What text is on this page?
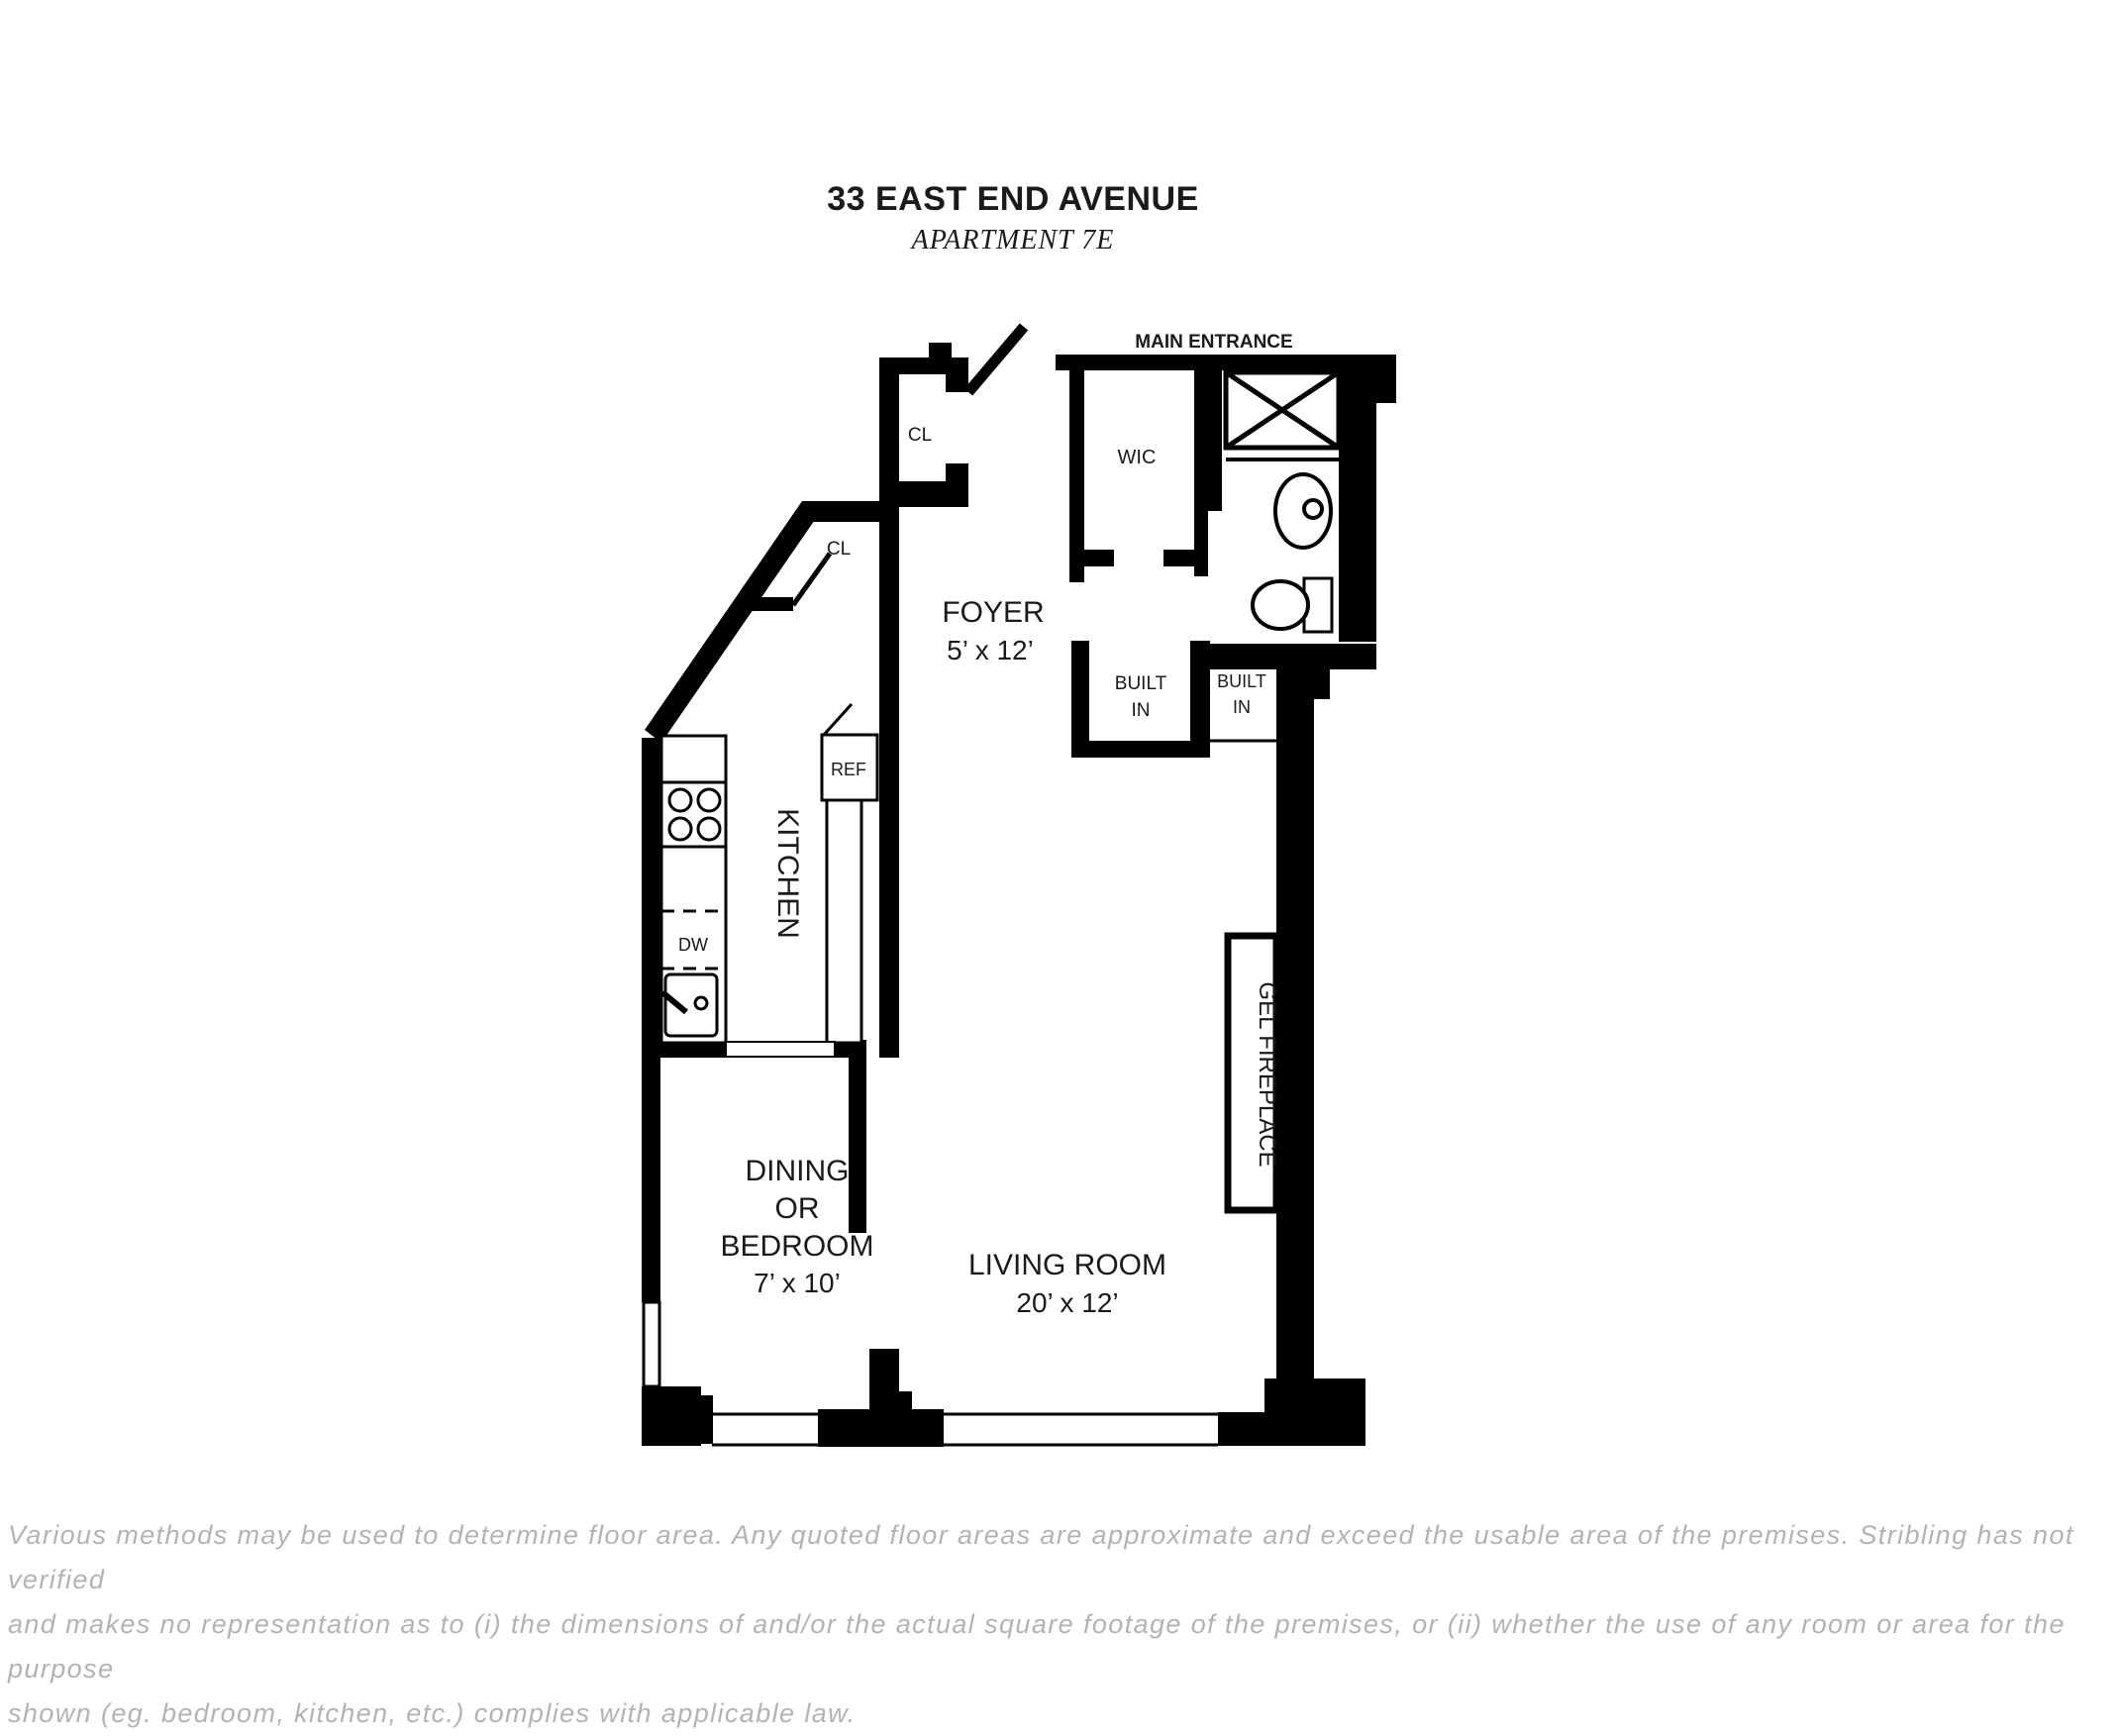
33 EAST END AVENUE
APARTMENT 7E
MAIN ENTRANCE
CL
WIC
CL
FOYER
5’ x 12’
BUILT
IN
BUILT
IN
REF
KITCHEN
DW
GEL FIREPLACE
DINING
OR
BEDROOM
7’ x 10’
LIVING ROOM
20’ x 12’
Various methods may be used to determine floor area. Any quoted floor areas are approximate and exceed the usable area of the premises. Stribling has not verified
and makes no representation as to (i) the dimensions of and/or the actual square footage of the premises, or (ii) whether the use of any room or area for the purpose
shown (eg. bedroom, kitchen, etc.) complies with applicable law.
